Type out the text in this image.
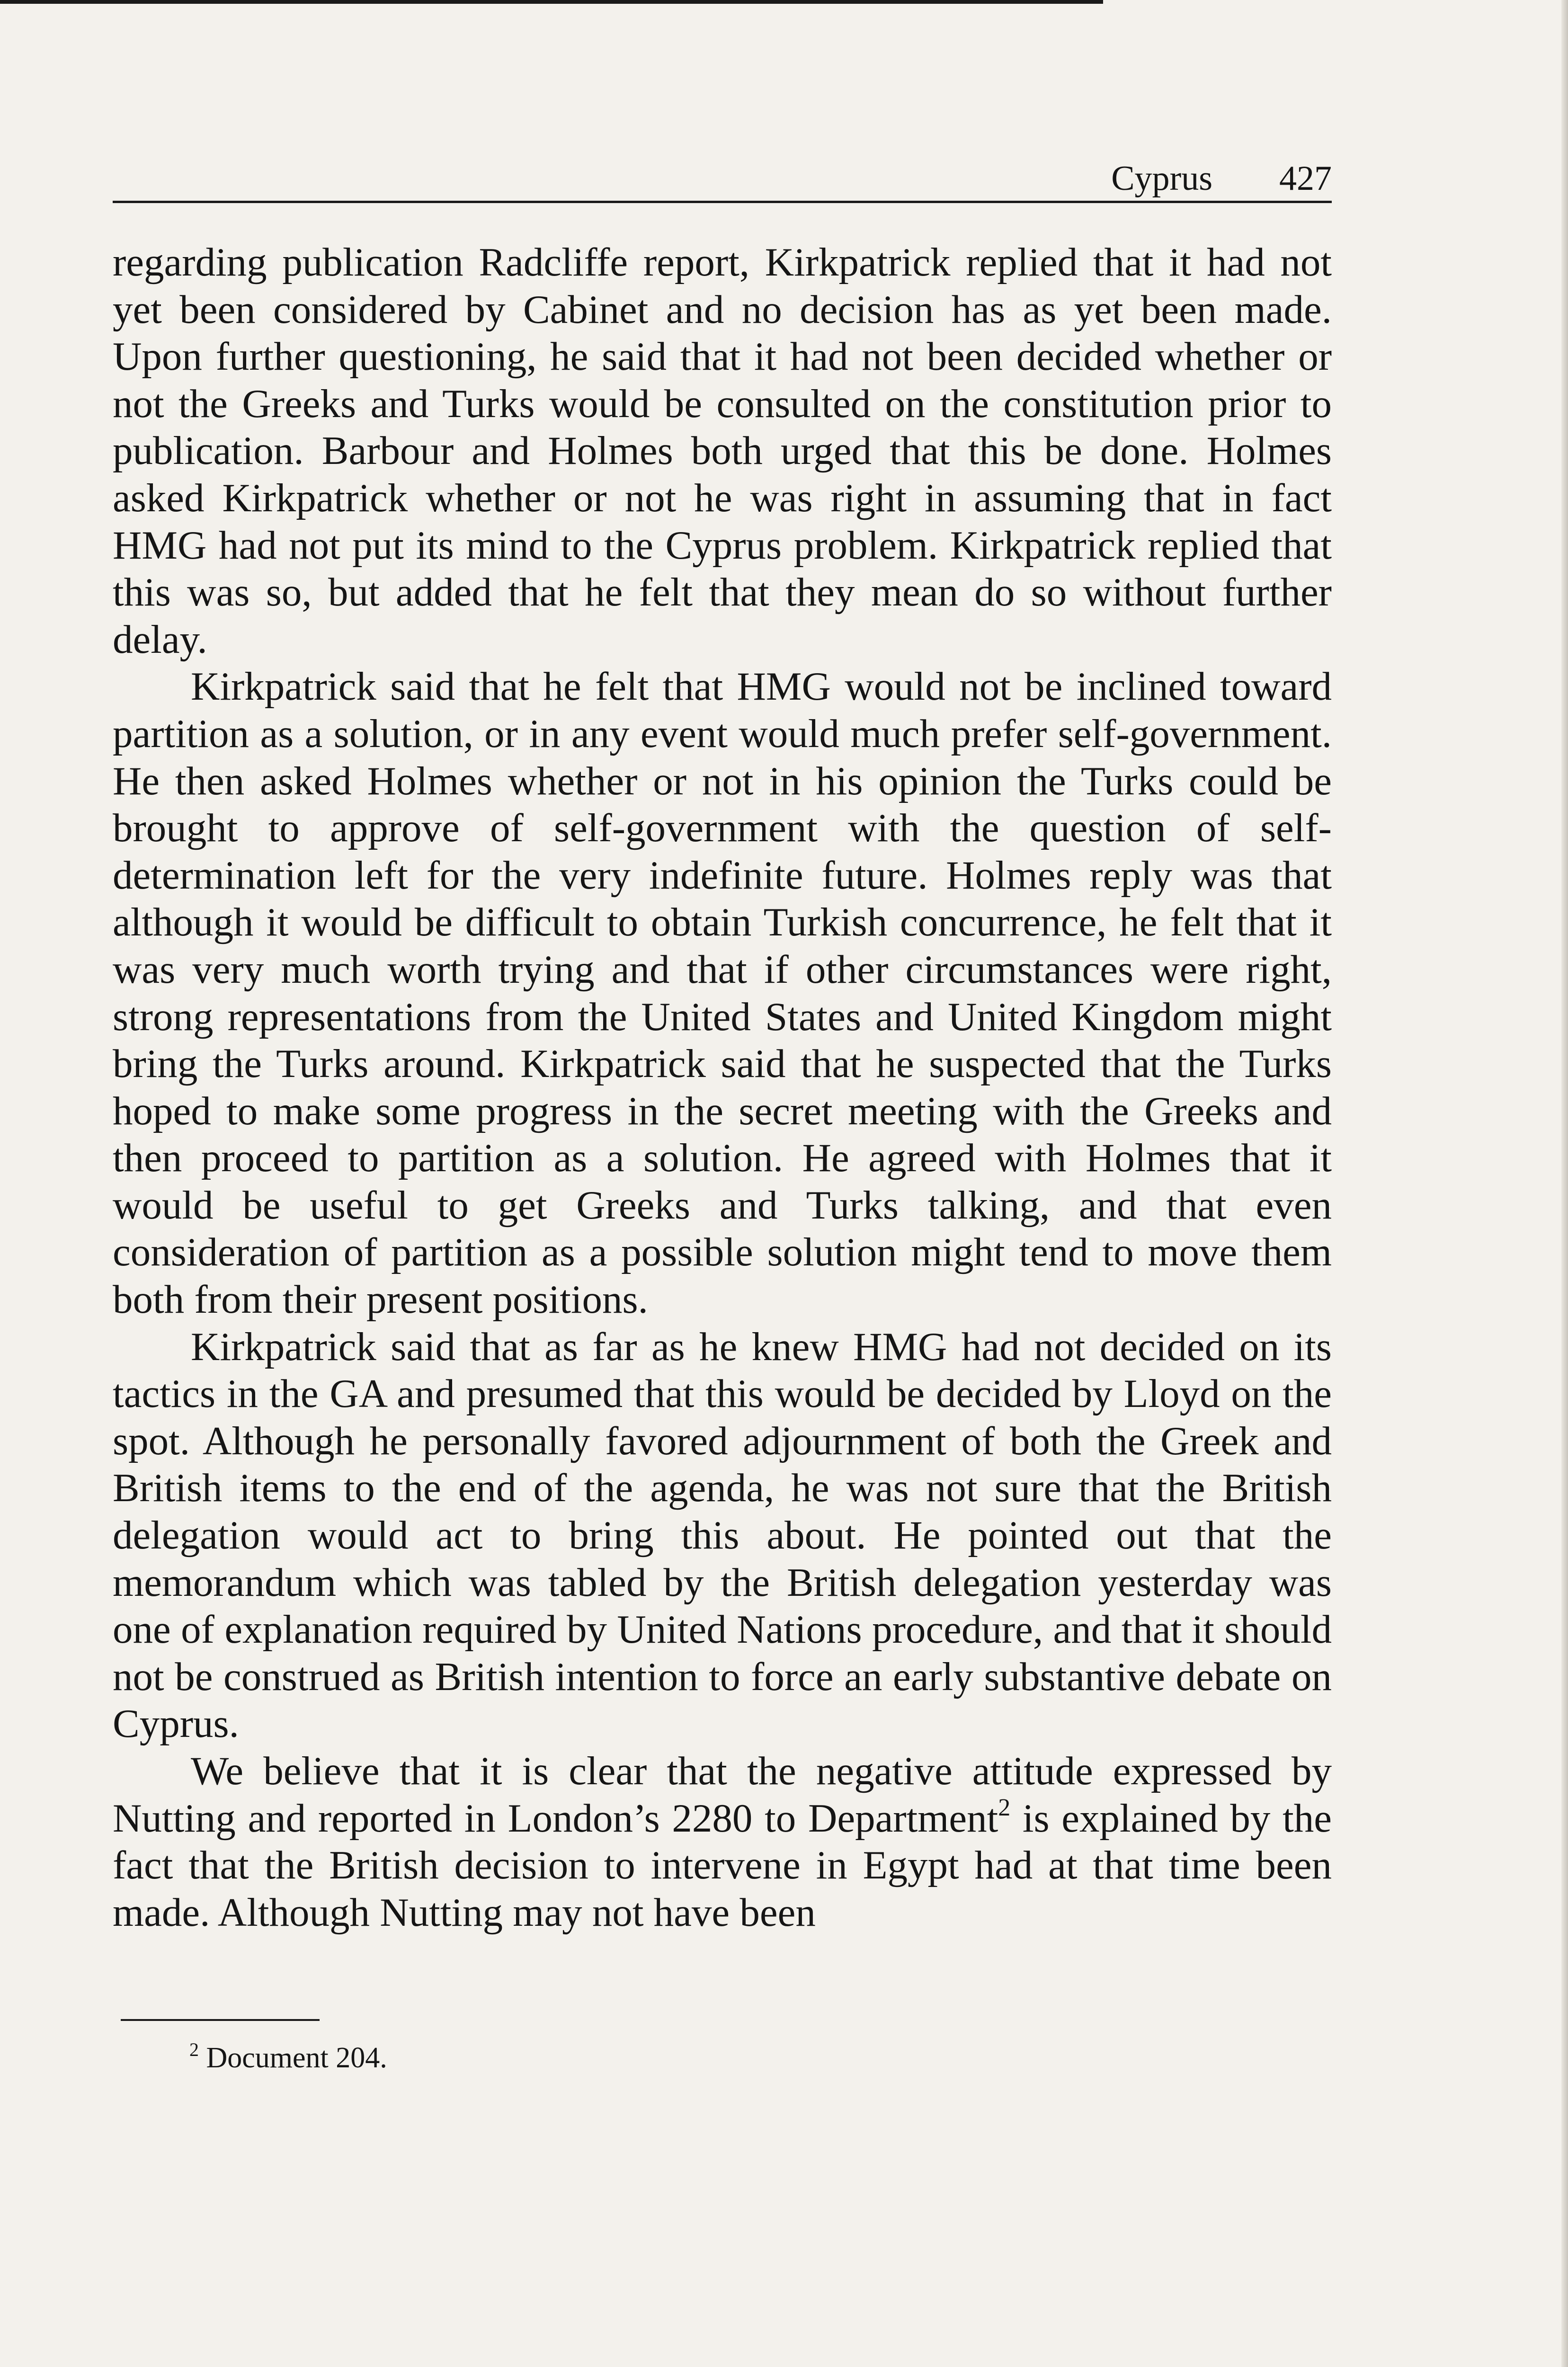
Cyprus 427

regarding publication Radcliffe report, Kirkpatrick replied that it had not yet been considered by Cabinet and no decision has as yet been made. Upon further questioning, he said that it had not been decided whether or not the Greeks and Turks would be consulted on the constitution prior to publication. Barbour and Holmes both urged that this be done. Holmes asked Kirkpatrick whether or not he was right in assuming that in fact HMG had not put its mind to the Cyprus problem. Kirkpatrick replied that this was so, but added that he felt that they mean do so without further delay.

Kirkpatrick said that he felt that HMG would not be inclined toward partition as a solution, or in any event would much prefer self-government. He then asked Holmes whether or not in his opinion the Turks could be brought to approve of self-government with the question of self-determination left for the very indefinite future. Holmes reply was that although it would be difficult to obtain Turkish concurrence, he felt that it was very much worth trying and that if other circumstances were right, strong representations from the United States and United Kingdom might bring the Turks around. Kirkpatrick said that he suspected that the Turks hoped to make some progress in the secret meeting with the Greeks and then proceed to partition as a solution. He agreed with Holmes that it would be useful to get Greeks and Turks talking, and that even consideration of partition as a possible solution might tend to move them both from their present positions.

Kirkpatrick said that as far as he knew HMG had not decided on its tactics in the GA and presumed that this would be decided by Lloyd on the spot. Although he personally favored adjournment of both the Greek and British items to the end of the agenda, he was not sure that the British delegation would act to bring this about. He pointed out that the memorandum which was tabled by the British delegation yesterday was one of explanation required by United Nations procedure, and that it should not be construed as British intention to force an early substantive debate on Cyprus.

We believe that it is clear that the negative attitude expressed by Nutting and reported in London’s 2280 to Department$^2$ is explained by the fact that the British decision to intervene in Egypt had at that time been made. Although Nutting may not have been

$^2$ Document 204.
